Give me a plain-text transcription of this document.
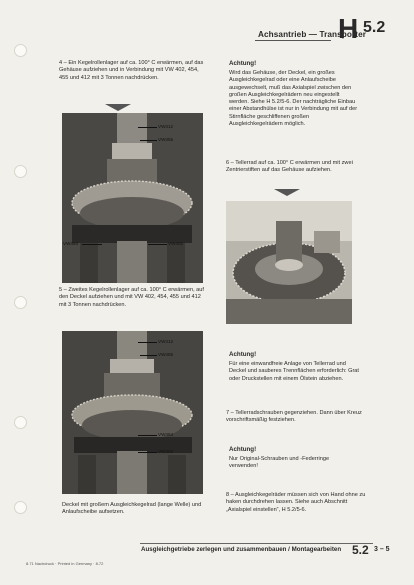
Achsantrieb — Transporter
H 5.2
4 – Ein Kegelrollenlager auf ca. 100° C erwärmen, auf das Gehäuse aufziehen und in Verbindung mit VW 402, 454, 455 und 412 mit 3 Tonnen nachdrücken.
VW412
VW455
VW454	VW402
Achtung!
Wird das Gehäuse, der Deckel, ein großes Ausgleichkegelrad oder eine Anlaufscheibe ausgewechselt, muß das Axialspiel zwischen den großen Ausgleichkegelrädern neu eingestellt werden. Siehe H 5.2/5-6. Der nachträgliche Einbau einer Abstandhülse ist nur in Verbindung mit auf der Stirnfläche geschliffenen großen Ausgleichkegelrädern möglich.
6 – Tellerrad auf ca. 100° C erwärmen und mit zwei Zentrierstiften auf das Gehäuse aufziehen.
5 – Zweites Kegelrollenlager auf ca. 100° C erwärmen, auf den Deckel aufziehen und mit VW 402, 454, 455 und 412 mit 3 Tonnen nachdrücken.
VW412
VW455
VW454
VW402
Achtung!
Für eine einwandfreie Anlage von Tellerrad und Deckel und sauberes Trennflächen erforderlich: Grat oder Druckstellen mit einem Ölstein abziehen.
7 – Tellerradschrauben gegenziehen. Dann über Kreuz vorschriftsmäßig festziehen.
Achtung!
Nur Original-Schrauben und -Federringe verwenden!
8 – Ausgleichkegelräder müssen sich von Hand ohne zu haken durchdrehen lassen. Siehe auch Abschnitt „Axialspiel einstellen“, H 5.2/5-6.
Deckel mit großem Ausgleichkegelrad (lange Welle) und Anlaufscheibe aufsetzen.
Ausgleichgetriebe zerlegen und zusammenbauen / Montagearbeiten 5.2 3 – 5
8.71 Nachdruck · Printed in Germany · 8.72
